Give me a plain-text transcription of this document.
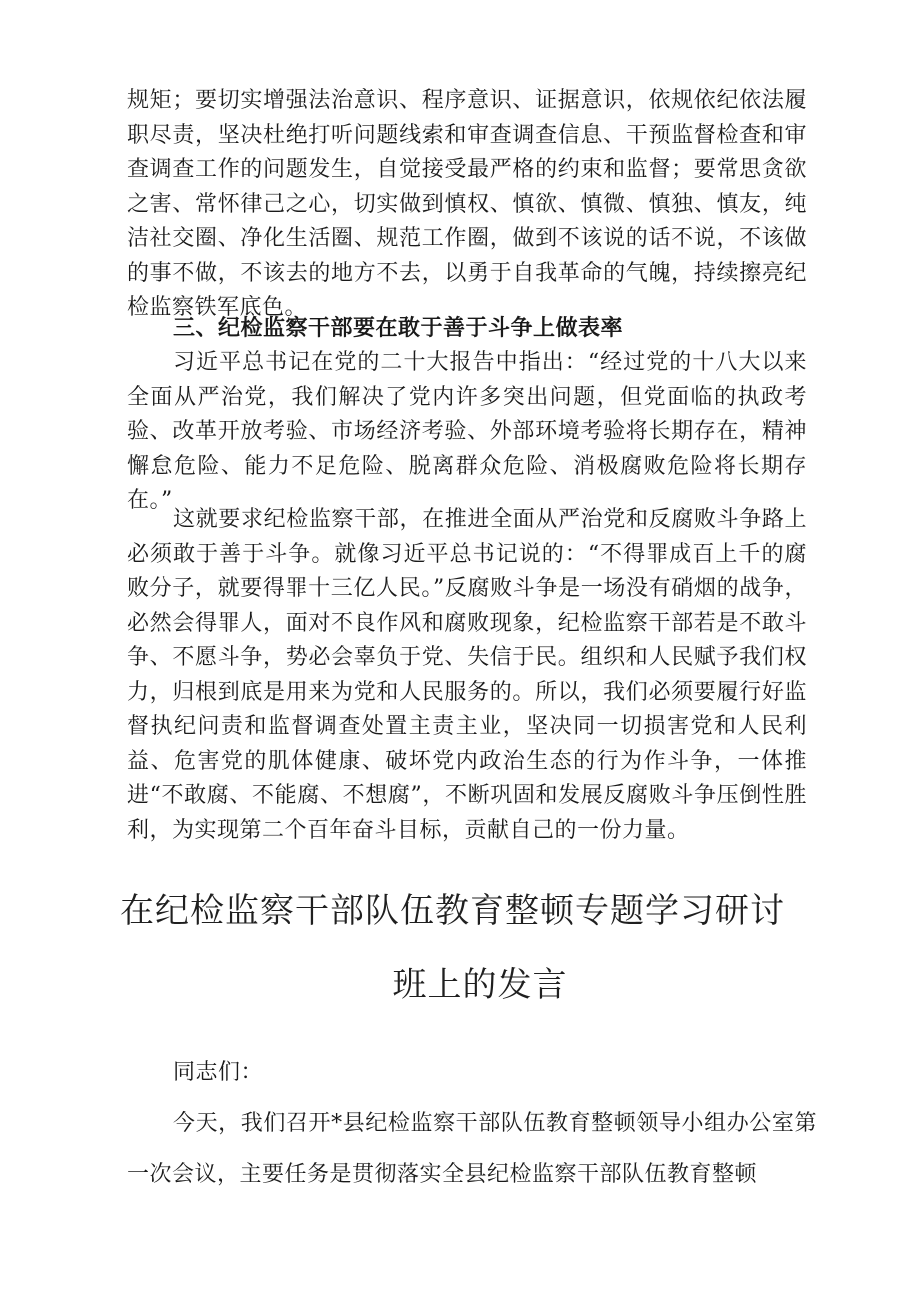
规矩；要切实增强法治意识、程序意识、证据意识，依规依纪依法履职尽责，坚决杜绝打听问题线索和审查调查信息、干预监督检查和审查调查工作的问题发生，自觉接受最严格的约束和监督；要常思贪欲之害、常怀律己之心，切实做到慎权、慎欲、慎微、慎独、慎友，纯洁社交圈、净化生活圈、规范工作圈，做到不该说的话不说，不该做的事不做，不该去的地方不去，以勇于自我革命的气魄，持续擦亮纪检监察铁军底色。
三、纪检监察干部要在敢于善于斗争上做表率
习近平总书记在党的二十大报告中指出：“经过党的十八大以来全面从严治党，我们解决了党内许多突出问题，但党面临的执政考验、改革开放考验、市场经济考验、外部环境考验将长期存在，精神懈怠危险、能力不足危险、脱离群众危险、消极腐败危险将长期存在。”
这就要求纪检监察干部，在推进全面从严治党和反腐败斗争路上必须敢于善于斗争。就像习近平总书记说的：“不得罪成百上千的腐败分子，就要得罪十三亿人民。”反腐败斗争是一场没有硝烟的战争，必然会得罪人，面对不良作风和腐败现象，纪检监察干部若是不敢斗争、不愿斗争，势必会辜负于党、失信于民。组织和人民赋予我们权力，归根到底是用来为党和人民服务的。所以，我们必须要履行好监督执纪问责和监督调查处置主责主业，坚决同一切损害党和人民利益、危害党的肌体健康、破坏党内政治生态的行为作斗争，一体推进“不敢腐、不能腐、不想腐”，不断巩固和发展反腐败斗争压倒性胜利，为实现第二个百年奋斗目标，贡献自己的一份力量。
在纪检监察干部队伍教育整顿专题学习研讨
班上的发言
同志们：
今天，我们召开*县纪检监察干部队伍教育整顿领导小组办公室第一次会议，主要任务是贯彻落实全县纪检监察干部队伍教育整顿
